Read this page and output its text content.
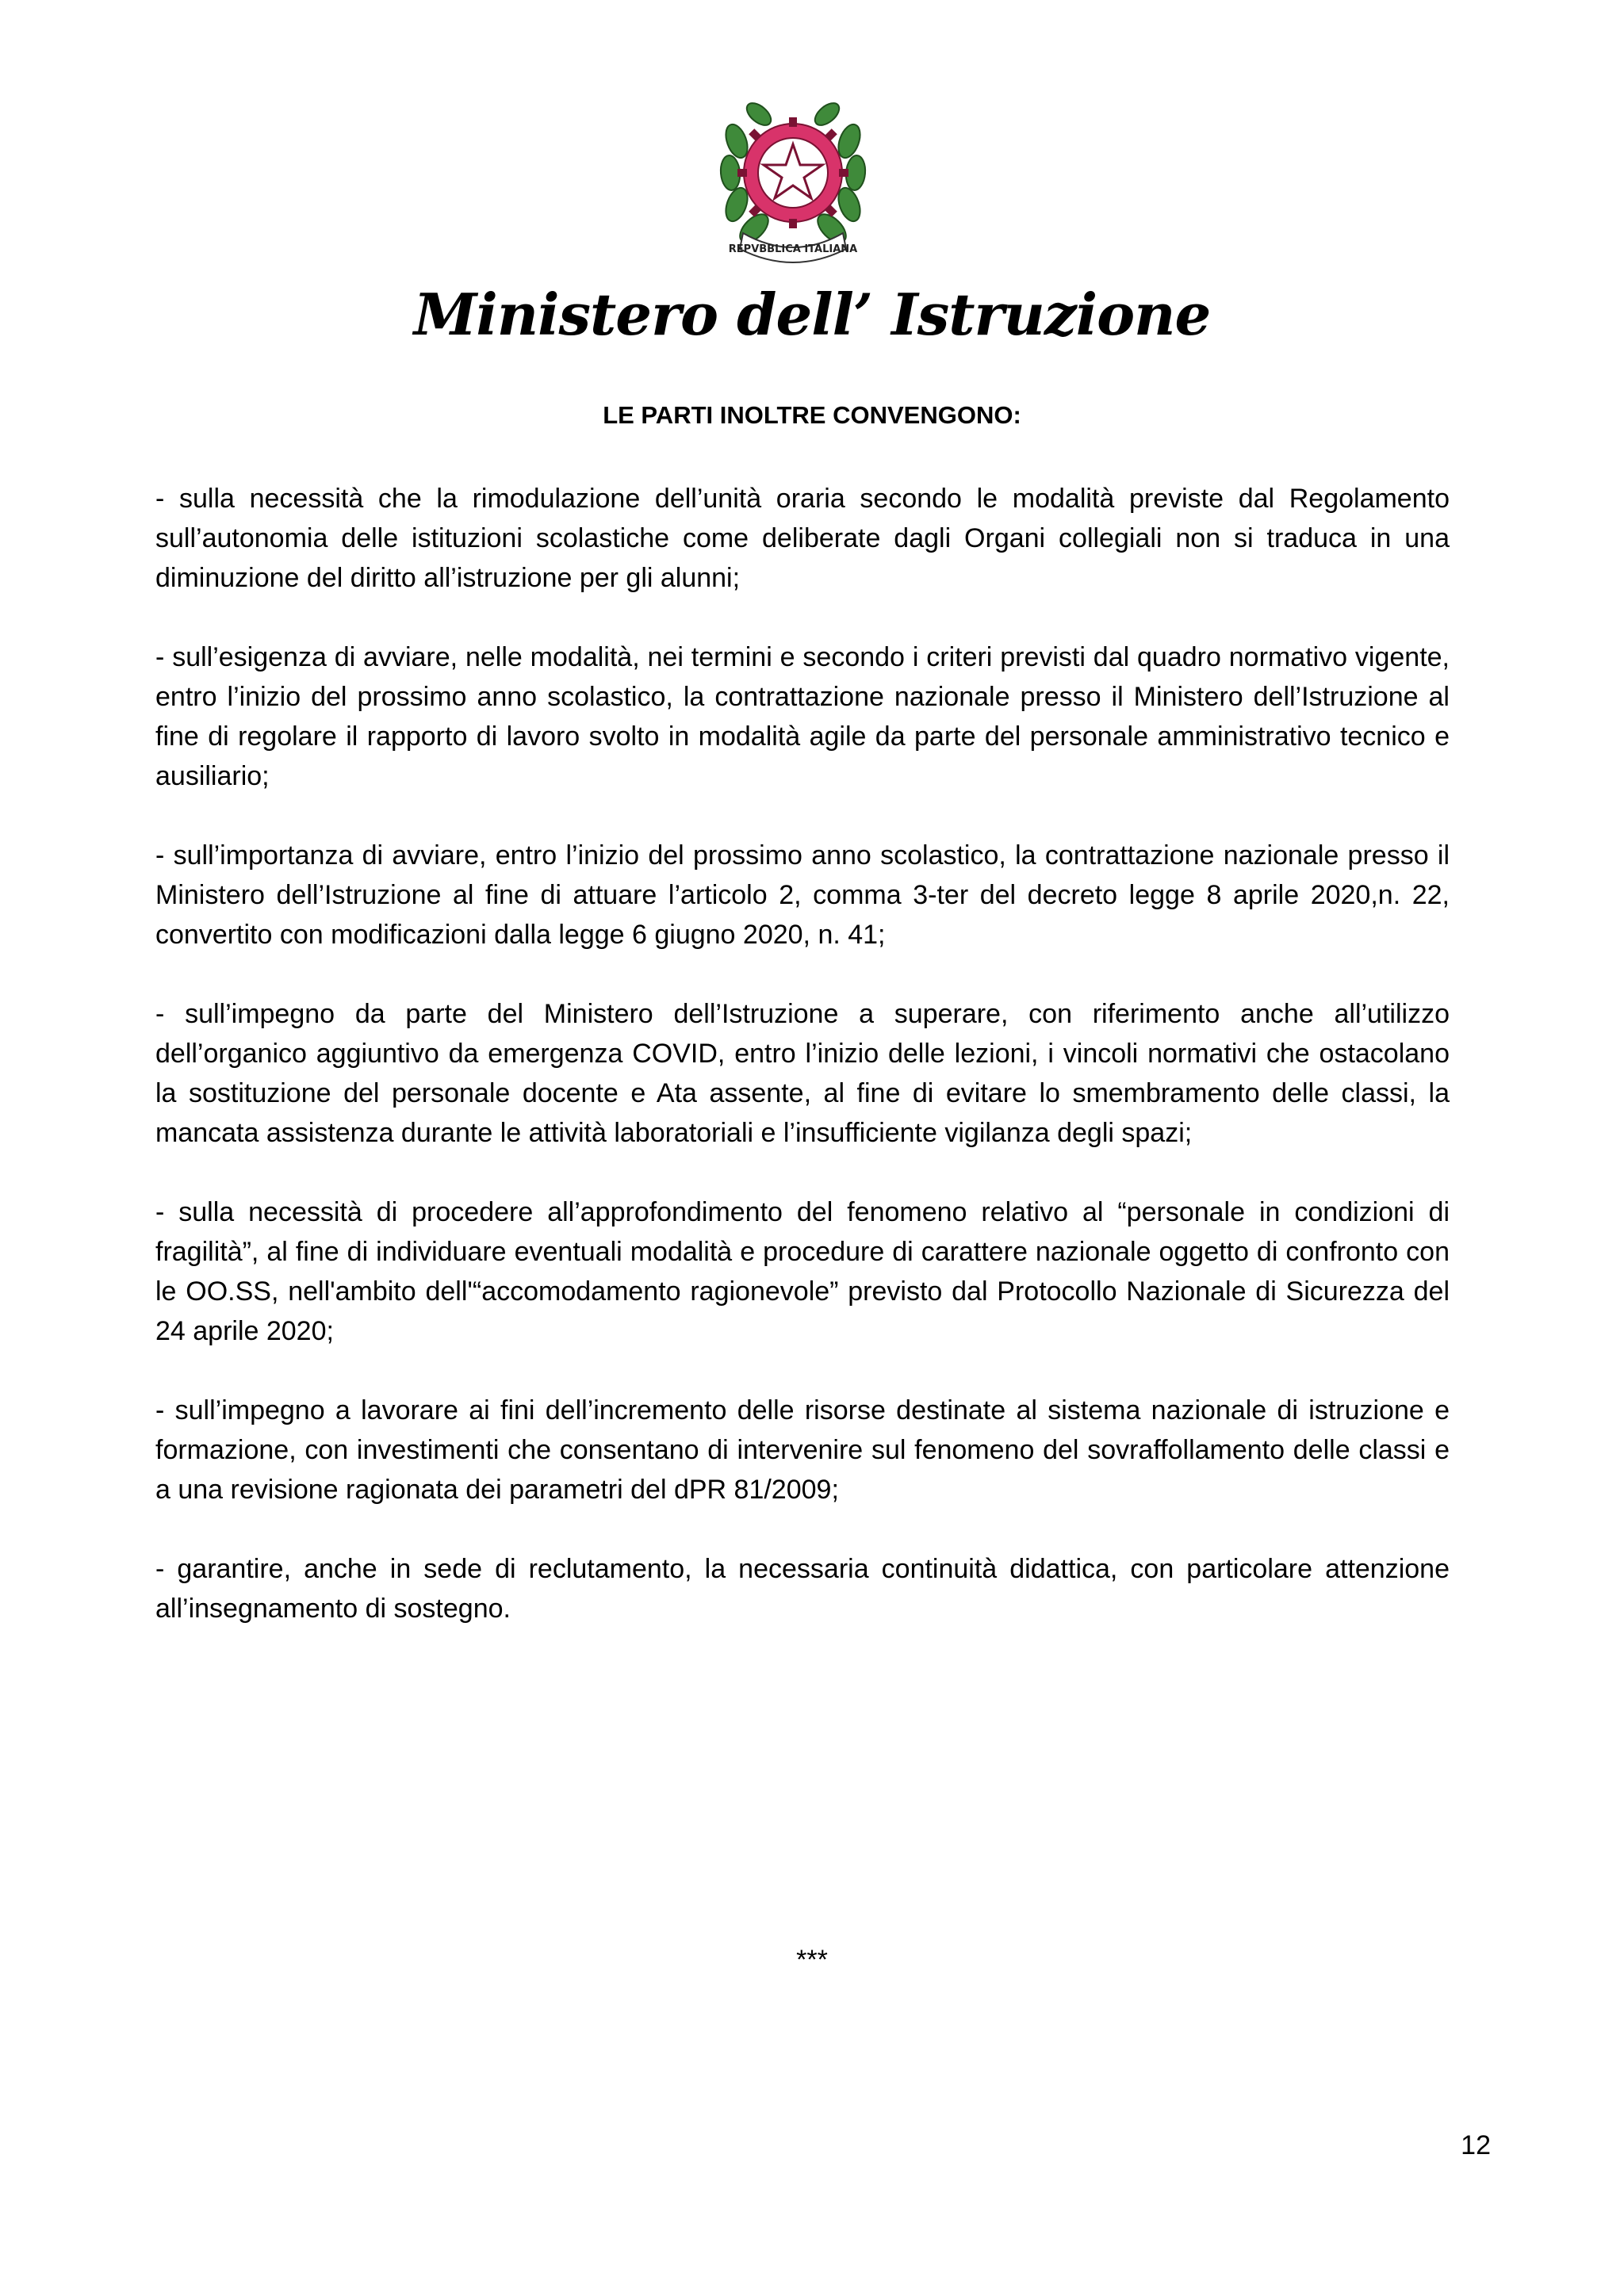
REPVBBLICA ITALIANA
Ministero dell’ Istruzione
LE PARTI INOLTRE CONVENGONO:

- sulla necessità che la rimodulazione dell’unità oraria secondo le modalità previste dal Regolamento sull’autonomia delle istituzioni scolastiche come deliberate dagli Organi collegiali non si traduca in una diminuzione del diritto all’istruzione per gli alunni;

- sull’esigenza di avviare, nelle modalità, nei termini e secondo i criteri previsti dal quadro normativo vigente, entro l’inizio del prossimo anno scolastico, la contrattazione nazionale presso il Ministero dell’Istruzione al fine di regolare il rapporto di lavoro svolto in modalità agile da parte del personale amministrativo tecnico e ausiliario;

- sull’importanza di avviare, entro l’inizio del prossimo anno scolastico, la contrattazione nazionale presso il Ministero dell’Istruzione al fine di attuare l’articolo 2, comma 3-ter del decreto legge 8 aprile 2020,n. 22, convertito con modificazioni dalla legge 6 giugno 2020, n. 41;

- sull’impegno da parte del Ministero dell’Istruzione a superare, con riferimento anche all’utilizzo dell’organico aggiuntivo da emergenza COVID, entro l’inizio delle lezioni, i vincoli normativi che ostacolano la sostituzione del personale docente e Ata assente, al fine di evitare lo smembramento delle classi, la mancata assistenza durante le attività laboratoriali e l’insufficiente vigilanza degli spazi;

- sulla necessità di procedere all’approfondimento del fenomeno relativo al “personale in condizioni di fragilità”, al fine di individuare eventuali modalità e procedure di carattere nazionale oggetto di confronto con le OO.SS, nell'ambito dell'“accomodamento ragionevole” previsto dal Protocollo Nazionale di Sicurezza del 24 aprile 2020;

- sull’impegno a lavorare ai fini dell’incremento delle risorse destinate al sistema nazionale di istruzione e formazione, con investimenti che consentano di intervenire sul fenomeno del sovraffollamento delle classi e a una revisione ragionata dei parametri del dPR 81/2009;

- garantire, anche in sede di reclutamento, la necessaria continuità didattica, con particolare attenzione all’insegnamento di sostegno.

***
12
